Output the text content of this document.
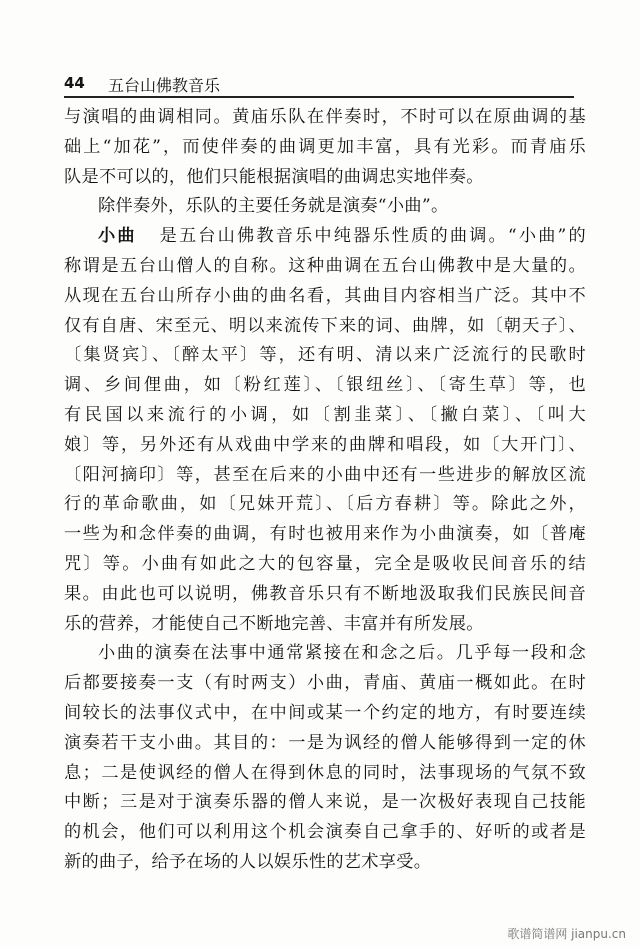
44 五台山佛教音乐
与演唱的曲调相同。黄庙乐队在伴奏时，不时可以在原曲调的基
础上“加花”，而使伴奏的曲调更加丰富，具有光彩。而青庙乐
队是不可以的，他们只能根据演唱的曲调忠实地伴奏。
除伴奏外，乐队的主要任务就是演奏“小曲”。
小曲 是五台山佛教音乐中纯器乐性质的曲调。“小曲”的
称谓是五台山僧人的自称。这种曲调在五台山佛教中是大量的。
从现在五台山所存小曲的曲名看，其曲目内容相当广泛。其中不
仅有自唐、宋至元、明以来流传下来的词、曲牌，如〔朝天子〕、
〔集贤宾〕、〔醉太平〕等，还有明、清以来广泛流行的民歌时
调、乡间俚曲，如〔粉红莲〕、〔银纽丝〕、〔寄生草〕等，也
有民国以来流行的小调，如〔割韭菜〕、〔撇白菜〕、〔叫大
娘〕等，另外还有从戏曲中学来的曲牌和唱段，如〔大开门〕、
〔阳河摘印〕等，甚至在后来的小曲中还有一些进步的解放区流
行的革命歌曲，如〔兄妹开荒〕、〔后方春耕〕等。除此之外，
一些为和念伴奏的曲调，有时也被用来作为小曲演奏，如〔普庵
咒〕等。小曲有如此之大的包容量，完全是吸收民间音乐的结
果。由此也可以说明，佛教音乐只有不断地汲取我们民族民间音
乐的营养，才能使自己不断地完善、丰富并有所发展。
小曲的演奏在法事中通常紧接在和念之后。几乎每一段和念
后都要接奏一支（有时两支）小曲，青庙、黄庙一概如此。在时
间较长的法事仪式中，在中间或某一个约定的地方，有时要连续
演奏若干支小曲。其目的：一是为讽经的僧人能够得到一定的休
息；二是使讽经的僧人在得到休息的同时，法事现场的气氛不致
中断；三是对于演奏乐器的僧人来说，是一次极好表现自己技能
的机会，他们可以利用这个机会演奏自己拿手的、好听的或者是
新的曲子，给予在场的人以娱乐性的艺术享受。
歌谱简谱网 jianpu.cn
